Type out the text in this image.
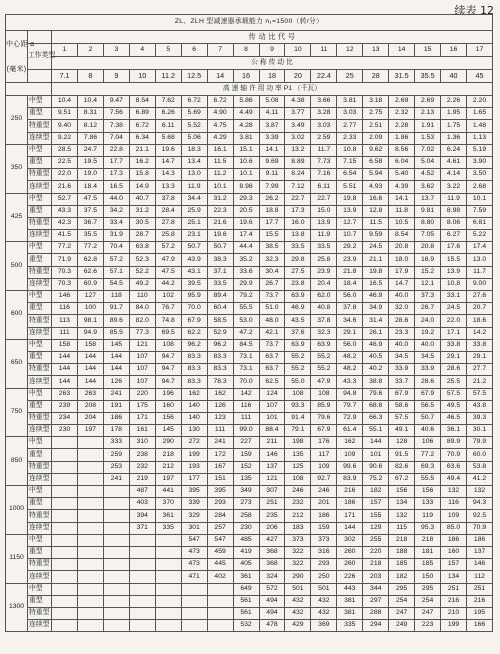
续表 12
ZL、ZLH 型减速器承载能力 n₁=1500（转/分）																		

中心距 a
(毫米)		传 动 比 代 号																
	工作类型	1	2	3	4	5	6	7	8	9	10	11	12	13	14	15	16	17
		公 称 传 动 比																
		7.1	8	9	10	11.2	12.5	14	16	18	20	22.4	25	28	31.5	35.5	40	45
		高 速 轴 许 用 功 率 P1 （千瓦）																
250	中型	10.4	10.4	9.47	8.54	7.62	6.72	6.72	5.86	5.08	4.38	3.66	3.81	3.18	2.69	2.69	2.26	2.20
	重型	9.51	8.31	7.56	6.89	6.26	5.69	4.90	4.49	4.11	3.77	3.28	3.03	2.75	2.32	2.13	1.95	1.65
	特重型	9.40	8.12	7.38	6.72	6.11	5.52	4.75	4.28	3.87	3.49	3.03	2.77	2.51	2.28	1.91	1.75	1.48
	连续型	9.22	7.86	7.04	6.34	5.68	5.06	4.29	3.81	3.39	3.02	2.59	2.33	2.09	1.86	1.53	1.36	1.13
350	中型	28.5	24.7	22.8	21.1	19.6	18.3	16.1	15.1	14.1	13.2	11.7	10.8	9.62	8.56	7.02	6.24	5.19
	重型	22.5	19.5	17.7	16.2	14.7	13.4	11.5	10.6	9.69	8.89	7.73	7.15	6.58	6.04	5.04	4.61	3.90
	特重型	22.0	19.0	17.3	15.8	14.3	13.0	11.2	10.1	9.11	8.24	7.16	6.54	5.94	5.40	4.52	4.14	3.50
	连续型	21.6	18.4	16.5	14.9	13.3	11.9	10.1	8.98	7.99	7.12	6.11	5.51	4.93	4.39	3.62	3.22	2.68
425	中型	52.7	47.5	44.0	40.7	37.8	34.4	31.2	29.3	26.2	22.7	22.7	19.8	16.6	14.1	13.7	11.9	10.1
	重型	43.3	37.5	34.2	31.2	28.4	25.9	22.3	20.5	18.8	17.3	15.0	13.9	12.8	11.8	9.81	8.98	7.59
	特重型	42.3	36.7	33.4	30.5	27.8	25.1	21.6	19.6	17.7	16.0	13.9	12.7	11.5	10.5	8.80	8.06	6.81
	连续型	41.5	35.5	31.9	28.7	25.8	23.1	19.6	17.4	15.5	13.8	11.9	10.7	9.59	8.54	7.05	6.27	5.22
500	中型	77.2	77.2	70.4	63.8	57.2	50.7	50.7	44.4	38.5	33.5	33.5	29.2	24.5	20.8	20.8	17.6	17.4
	重型	71.9	62.8	57.2	52.3	47.9	43.9	38.3	35.2	32.3	29.8	25.8	23.9	21.1	18.0	16.9	15.5	13.0
	特重型	70.3	62.6	57.1	52.2	47.5	43.1	37.1	33.6	30.4	27.5	23.9	21.8	19.8	17.9	15.2	13.9	11.7
	连续型	70.3	60.9	54.5	49.2	44.2	39.5	33.5	29.9	26.7	23.8	20.4	18.4	16.5	14.7	12.1	10.8	9.00
600	中型	146	127	118	110	102	95.9	89.4	79.2	73.7	63.9	62.0	56.0	46.9	40.0	37.3	33.1	27.6
	重型	116	100	91.7	84.0	76.7	70.0	60.4	55.5	51.0	46.9	40.8	37.8	34.9	32.0	26.7	24.5	20.7
	特重型	113	98.1	89.6	82.0	74.8	67.9	58.5	53.0	48.0	43.5	37.8	34.6	31.4	28.6	24.0	22.0	18.6
	连续型	111	94.9	85.5	77.3	69.5	62.2	52.9	47.2	42.1	37.6	32.3	29.1	26.1	23.3	19.2	17.1	14.2
650	中型	158	158	145	121	108	96.2	96.2	84.5	73.7	63.9	63.9	56.0	46.9	40.0	40.0	33.8	33.8
	重型	144	144	144	107	94.7	83.3	83.3	73.1	63.7	55.2	55.2	48.2	40.5	34.5	34.5	29.1	29.1
	特重型	144	144	144	107	94.7	83.3	83.3	73.1	63.7	55.2	55.2	48.2	40.2	33.9	33.9	28.6	27.7
	连续型	144	144	126	107	94.7	83.3	78.3	70.0	62.5	55.0	47.9	43.3	38.8	33.7	28.6	25.5	21.2
750	中型	263	263	241	220	196	162	162	142	124	108	108	94.8	79.6	67.9	67.9	57.5	57.5
	重型	239	208	191	175	160	140	126	116	107	93.3	85.9	79.7	68.8	58.6	56.5	49.5	43.8
	特重型	234	204	186	171	156	140	123	111	101	91.4	79.6	72.9	66.3	57.5	50.7	46.5	39.3
	连续型	230	197	178	161	145	130	111	99.0	88.4	79.1	67.9	61.4	55.1	49.1	40.6	36.1	30.1
850	中型			333	310	290	272	241	227	211	198	176	162	144	128	106	89.9	79.9
	重型			259	238	218	199	172	159	146	135	117	109	101	91.5	77.2	70.9	60.0
	特重型			253	232	212	193	167	152	137	125	109	99.6	90.6	82.6	69.3	63.6	53.8
	连续型			241	219	197	177	151	135	121	108	92.7	83.9	75.2	67.2	55.5	49.4	41.2
1000	中型				487	441	395	395	349	307	246	246	216	182	156	156	132	132
	重型				403	370	339	293	273	251	232	201	186	157	134	133	116	94.3
	特重型				394	361	329	284	258	235	212	186	171	155	132	119	109	92.5
	连续型				371	335	301	257	230	206	183	159	144	129	115	95.3	85.0	70.9
1150	中型						547	547	485	427	373	373	302	255	218	218	186	186
	重型						473	459	419	368	322	316	260	220	188	181	160	137
	特重型						473	445	405	368	322	293	260	218	185	185	157	146
	连续型						471	402	361	324	290	250	226	203	182	150	134	112
1300	中型								649	572	501	501	443	344	295	295	251	251
	重型								561	494	432	432	381	297	254	254	216	216
	特重型								561	494	432	432	381	288	247	247	210	195
	连续型								532	478	429	369	335	294	249	223	199	166
